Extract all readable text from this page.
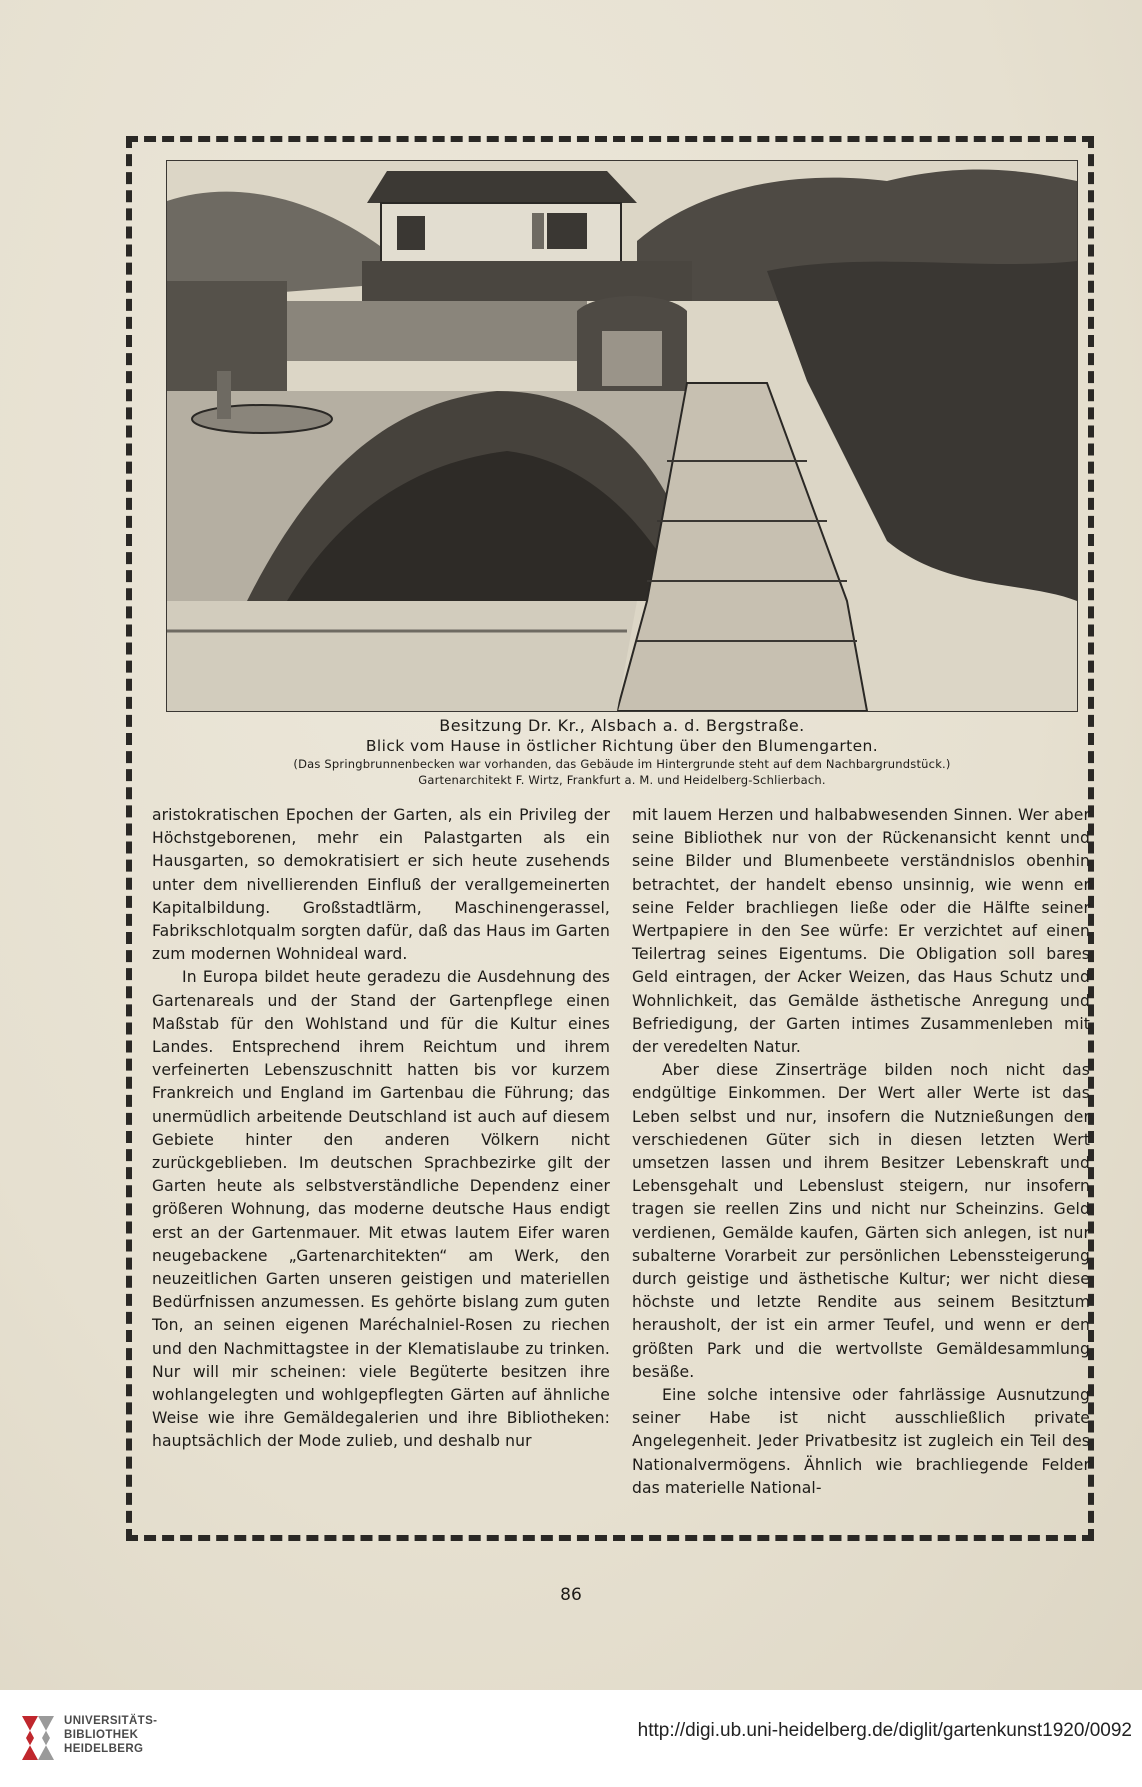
Besitzung Dr. Kr., Alsbach a. d. Bergstraße.
Blick vom Hause in östlicher Richtung über den Blumengarten.
(Das Springbrunnenbecken war vorhanden, das Gebäude im Hintergrunde steht auf dem Nachbargrundstück.)
Gartenarchitekt F. Wirtz, Frankfurt a. M. und Heidelberg-Schlierbach.

aristokratischen Epochen der Garten, als ein Privileg der Höchstgeborenen, mehr ein Palastgarten als ein Hausgarten, so demokratisiert er sich heute zusehends unter dem nivellierenden Einfluß der verallgemeinerten Kapitalbildung. Großstadtlärm, Maschinengerassel, Fabrikschlotqualm sorgten dafür, daß das Haus im Garten zum modernen Wohnideal ward.

In Europa bildet heute geradezu die Ausdehnung des Gartenareals und der Stand der Gartenpflege einen Maßstab für den Wohlstand und für die Kultur eines Landes. Entsprechend ihrem Reichtum und ihrem verfeinerten Lebenszuschnitt hatten bis vor kurzem Frankreich und England im Gartenbau die Führung; das unermüdlich arbeitende Deutschland ist auch auf diesem Gebiete hinter den anderen Völkern nicht zurückgeblieben. Im deutschen Sprachbezirke gilt der Garten heute als selbstverständliche Dependenz einer größeren Wohnung, das moderne deutsche Haus endigt erst an der Gartenmauer. Mit etwas lautem Eifer waren neugebackene „Gartenarchitekten“ am Werk, den neuzeitlichen Garten unseren geistigen und materiellen Bedürfnissen anzumessen. Es gehörte bislang zum guten Ton, an seinen eigenen Maréchalniel-Rosen zu riechen und den Nachmittagstee in der Klematislaube zu trinken. Nur will mir scheinen: viele Begüterte besitzen ihre wohlangelegten und wohlgepflegten Gärten auf ähnliche Weise wie ihre Gemäldegalerien und ihre Bibliotheken: hauptsächlich der Mode zulieb, und deshalb nur

mit lauem Herzen und halbabwesenden Sinnen. Wer aber seine Bibliothek nur von der Rückenansicht kennt und seine Bilder und Blumenbeete verständnislos obenhin betrachtet, der handelt ebenso unsinnig, wie wenn er seine Felder brachliegen ließe oder die Hälfte seiner Wertpapiere in den See würfe: Er verzichtet auf einen Teilertrag seines Eigentums. Die Obligation soll bares Geld eintragen, der Acker Weizen, das Haus Schutz und Wohnlichkeit, das Gemälde ästhetische Anregung und Befriedigung, der Garten intimes Zusammenleben mit der veredelten Natur.

Aber diese Zinserträge bilden noch nicht das endgültige Einkommen. Der Wert aller Werte ist das Leben selbst und nur, insofern die Nutznießungen der verschiedenen Güter sich in diesen letzten Wert umsetzen lassen und ihrem Besitzer Lebenskraft und Lebensgehalt und Lebenslust steigern, nur insofern tragen sie reellen Zins und nicht nur Scheinzins. Geld verdienen, Gemälde kaufen, Gärten sich anlegen, ist nur subalterne Vorarbeit zur persönlichen Lebenssteigerung durch geistige und ästhetische Kultur; wer nicht diese höchste und letzte Rendite aus seinem Besitztum herausholt, der ist ein armer Teufel, und wenn er den größten Park und die wertvollste Gemäldesammlung besäße.

Eine solche intensive oder fahrlässige Ausnutzung seiner Habe ist nicht ausschließlich private Angelegenheit. Jeder Privatbesitz ist zugleich ein Teil des Nationalvermögens. Ähnlich wie brachliegende Felder das materielle National-

86
UNIVERSITÄTS-
BIBLIOTHEK
HEIDELBERG
http://digi.ub.uni-heidelberg.de/diglit/gartenkunst1920/0092
